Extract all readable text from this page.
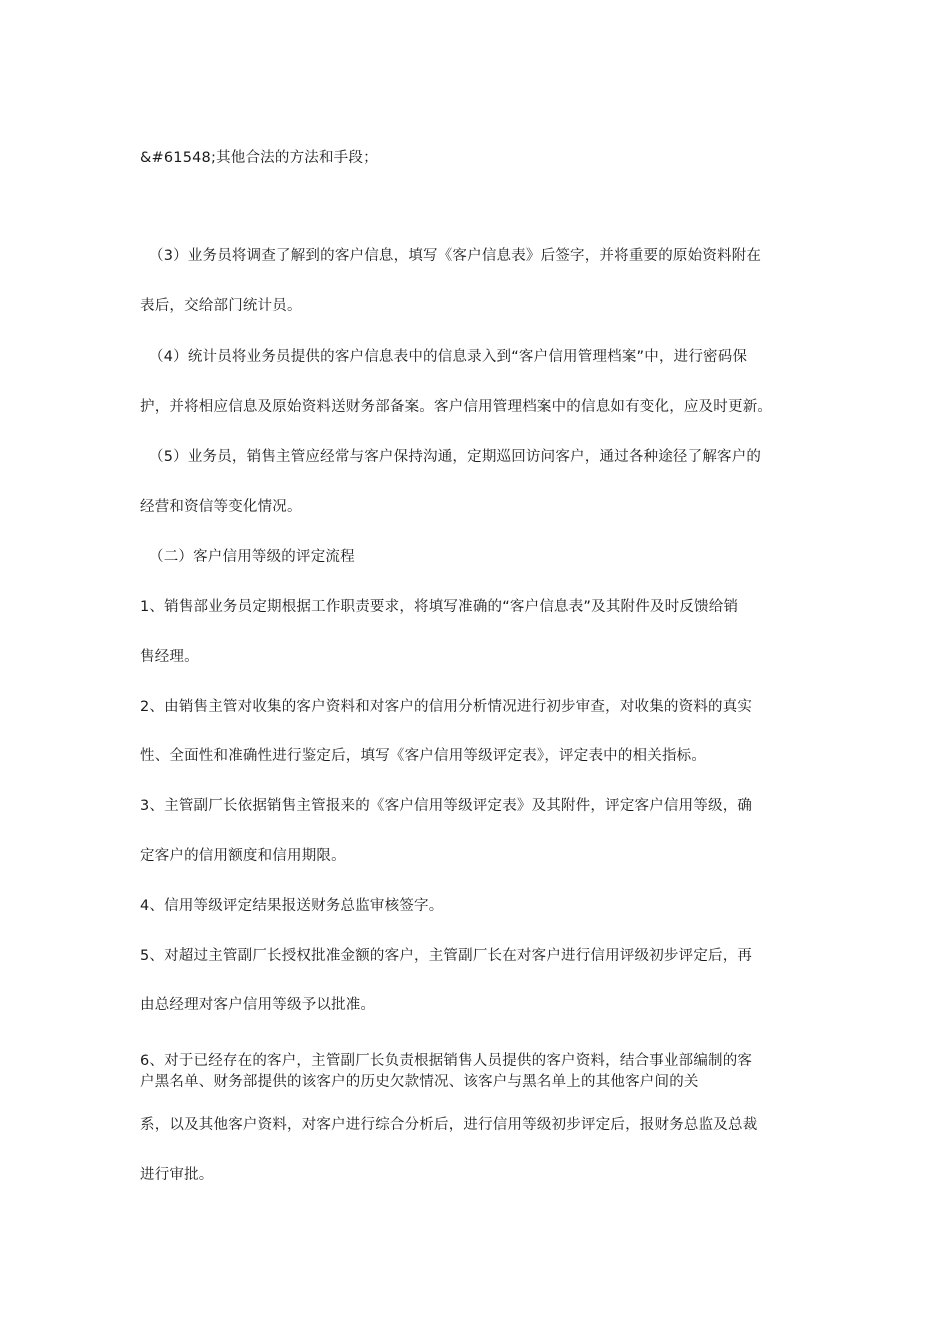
&#61548;其他合法的方法和手段；
（3）业务员将调查了解到的客户信息，填写《客户信息表》后签字，并将重要的原始资料附在
表后，交给部门统计员。
（4）统计员将业务员提供的客户信息表中的信息录入到“客户信用管理档案”中，进行密码保
护，并将相应信息及原始资料送财务部备案。客户信用管理档案中的信息如有变化，应及时更新。
（5）业务员，销售主管应经常与客户保持沟通，定期巡回访问客户，通过各种途径了解客户的
经营和资信等变化情况。
（二）客户信用等级的评定流程
1、销售部业务员定期根据工作职责要求，将填写准确的“客户信息表”及其附件及时反馈给销
售经理。
2、由销售主管对收集的客户资料和对客户的信用分析情况进行初步审查，对收集的资料的真实
性、全面性和准确性进行鉴定后，填写《客户信用等级评定表》，评定表中的相关指标。
3、主管副厂长依据销售主管报来的《客户信用等级评定表》及其附件，评定客户信用等级，确
定客户的信用额度和信用期限。
4、信用等级评定结果报送财务总监审核签字。
5、对超过主管副厂长授权批准金额的客户，主管副厂长在对客户进行信用评级初步评定后，再
由总经理对客户信用等级予以批准。
6、对于已经存在的客户，主管副厂长负责根据销售人员提供的客户资料，结合事业部编制的客
户黑名单、财务部提供的该客户的历史欠款情况、该客户与黑名单上的其他客户间的关
系，以及其他客户资料，对客户进行综合分析后，进行信用等级初步评定后，报财务总监及总裁
进行审批。
